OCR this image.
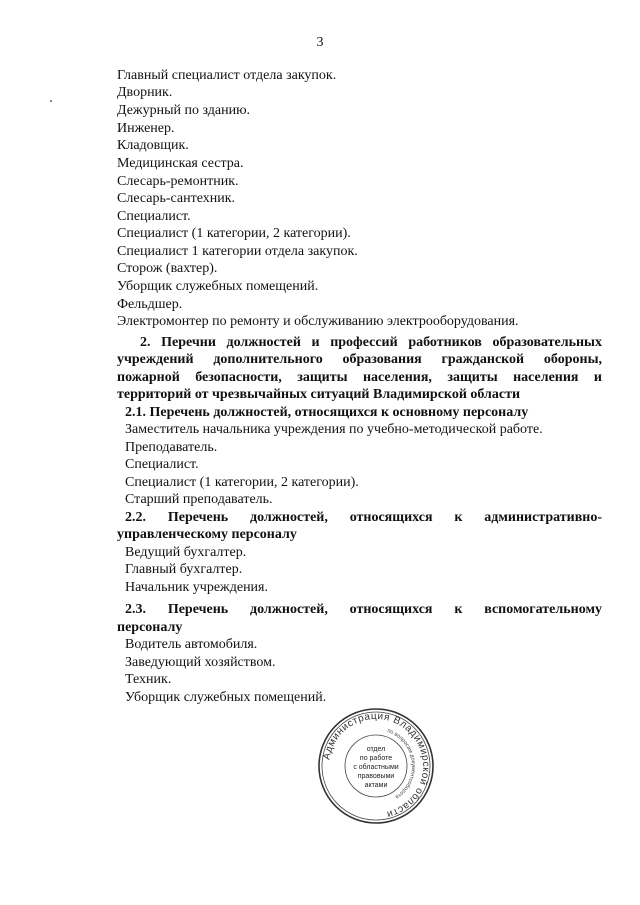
3
Главный специалист отдела закупок.
Дворник.
Дежурный по зданию.
Инженер.
Кладовщик.
Медицинская сестра.
Слесарь-ремонтник.
Слесарь-сантехник.
Специалист.
Специалист (1 категории, 2 категории).
Специалист 1 категории отдела закупок.
Сторож (вахтер).
Уборщик служебных помещений.
Фельдшер.
Электромонтер по ремонту и обслуживанию электрооборудования.
2. Перечни должностей и профессий работников образовательных
учреждений дополнительного образования гражданской обороны,
пожарной безопасности, защиты населения, защиты населения и
территорий от чрезвычайных ситуаций Владимирской области
2.1. Перечень должностей, относящихся к основному персоналу
Заместитель начальника учреждения по учебно-методической работе.
Преподаватель.
Специалист.
Специалист (1 категории, 2 категории).
Старший преподаватель.
2.2. Перечень должностей, относящихся к административно-
управленческому персоналу
Ведущий бухгалтер.
Главный бухгалтер.
Начальник учреждения.
2.3. Перечень должностей, относящихся к вспомогательному
персоналу
Водитель автомобиля.
Заведующий хозяйством.
Техник.
Уборщик служебных помещений.
Администрация Владимирской области
по вопросам документооборота
отдел
по работе
с областными
правовыми
актами
